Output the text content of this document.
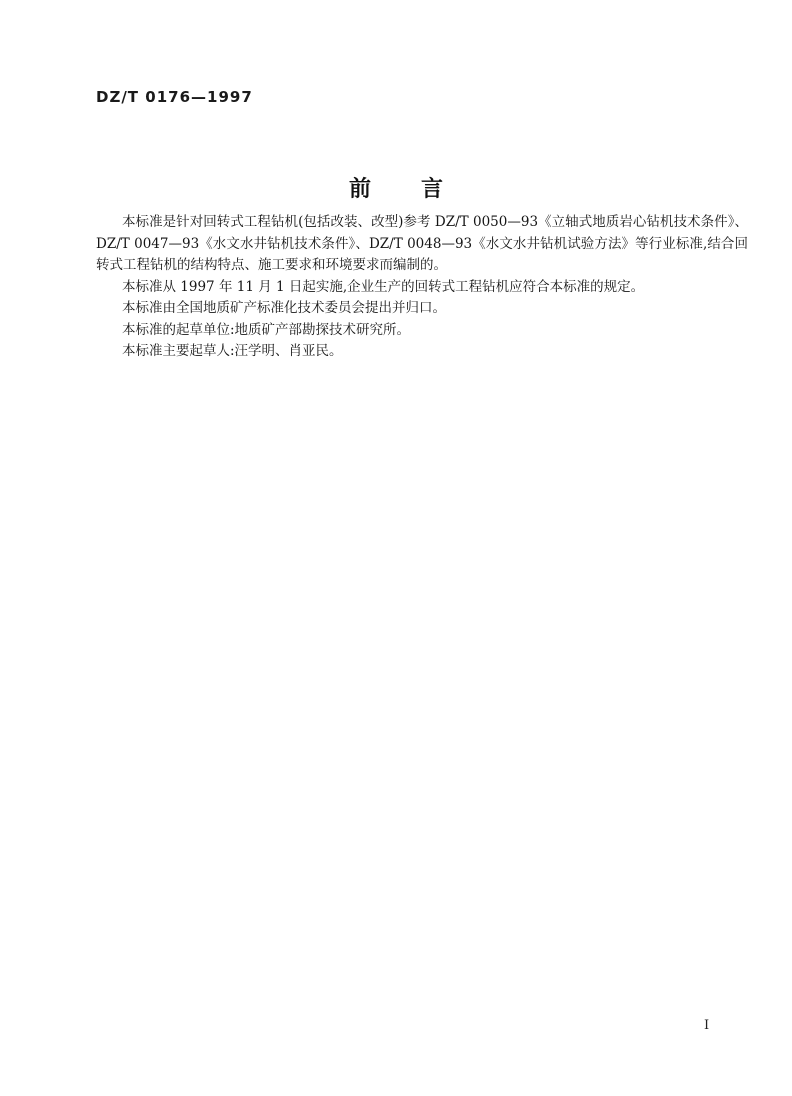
DZ/T 0176—1997
前 言

本标准是针对回转式工程钻机(包括改装、改型)参考 DZ/T 0050—93《立轴式地质岩心钻机技术条件》、DZ/T 0047—93《水文水井钻机技术条件》、DZ/T 0048—93《水文水井钻机试验方法》等行业标准,结合回转式工程钻机的结构特点、施工要求和环境要求而编制的。

本标准从 1997 年 11 月 1 日起实施,企业生产的回转式工程钻机应符合本标准的规定。

本标准由全国地质矿产标准化技术委员会提出并归口。

本标准的起草单位:地质矿产部勘探技术研究所。

本标准主要起草人:汪学明、肖亚民。

I
